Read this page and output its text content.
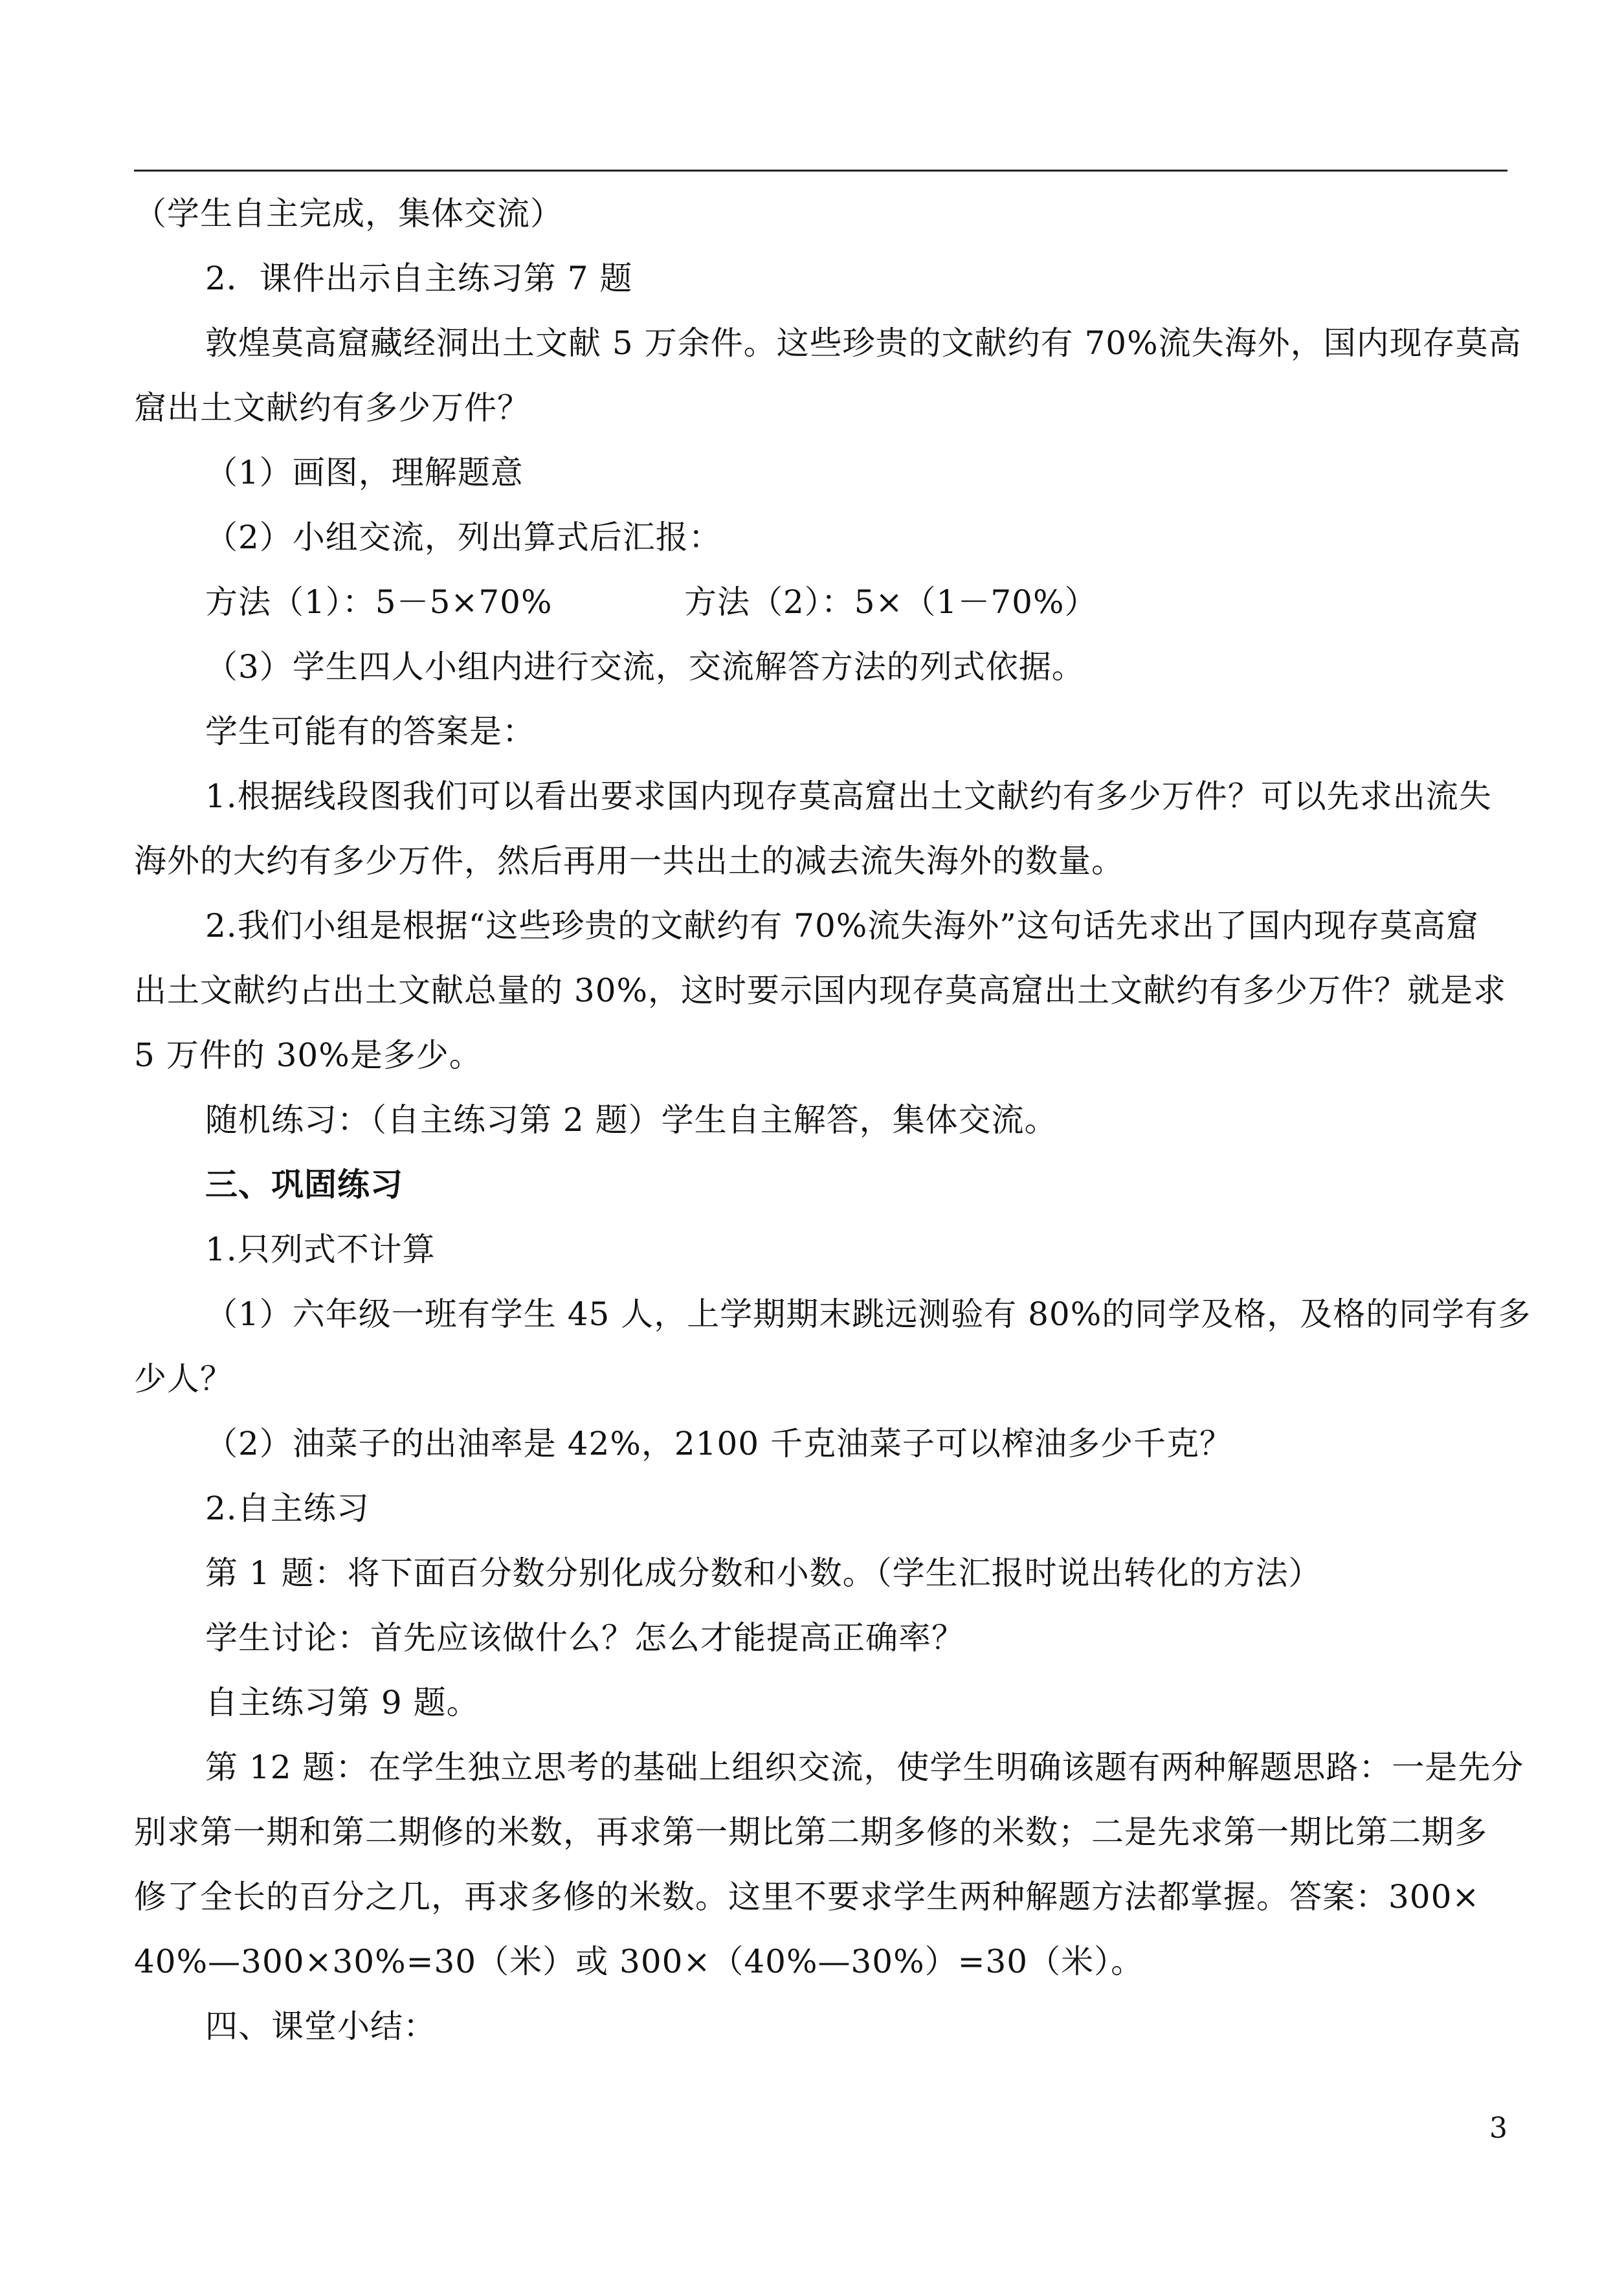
（学生自主完成，集体交流）
2．课件出示自主练习第 7 题
敦煌莫高窟藏经洞出土文献 5 万余件。这些珍贵的文献约有 70%流失海外，国内现存莫高
窟出土文献约有多少万件？
（1）画图，理解题意
（2）小组交流，列出算式后汇报：
方法（1）：5－5×70%	方法（2）：5×（1－70%）
（3）学生四人小组内进行交流，交流解答方法的列式依据。
学生可能有的答案是：
1.根据线段图我们可以看出要求国内现存莫高窟出土文献约有多少万件？可以先求出流失
海外的大约有多少万件，然后再用一共出土的减去流失海外的数量。
2.我们小组是根据“这些珍贵的文献约有 70%流失海外”这句话先求出了国内现存莫高窟
出土文献约占出土文献总量的 30%，这时要示国内现存莫高窟出土文献约有多少万件？就是求
5 万件的 30%是多少。
随机练习：（自主练习第 2 题）学生自主解答，集体交流。
三、巩固练习
1.只列式不计算
（1）六年级一班有学生 45 人，上学期期末跳远测验有 80%的同学及格，及格的同学有多
少人？
（2）油菜子的出油率是 42%，2100 千克油菜子可以榨油多少千克？
2.自主练习
第 1 题：将下面百分数分别化成分数和小数。（学生汇报时说出转化的方法）
学生讨论：首先应该做什么？怎么才能提高正确率？
自主练习第 9 题。
第 12 题：在学生独立思考的基础上组织交流，使学生明确该题有两种解题思路：一是先分
别求第一期和第二期修的米数，再求第一期比第二期多修的米数；二是先求第一期比第二期多
修了全长的百分之几，再求多修的米数。这里不要求学生两种解题方法都掌握。答案：300×
40%—300×30%=30（米）或 300×（40%—30%）=30（米）。
四、课堂小结：
3
